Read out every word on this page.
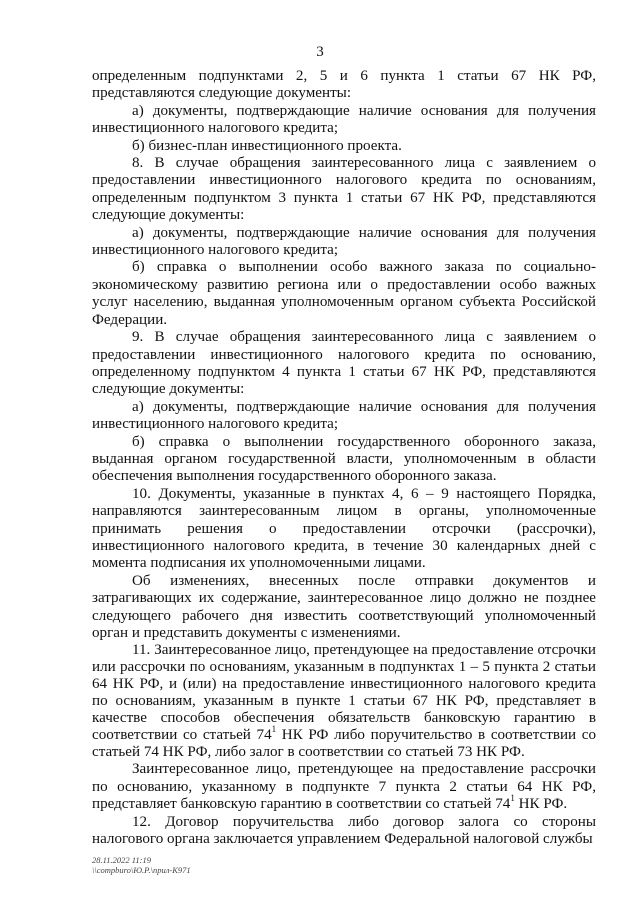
3

определенным подпунктами 2, 5 и 6 пункта 1 статьи 67 НК РФ, представляются следующие документы:

а) документы, подтверждающие наличие основания для получения инвестиционного налогового кредита;

б) бизнес-план инвестиционного проекта.

8. В случае обращения заинтересованного лица с заявлением о предоставлении инвестиционного налогового кредита по основаниям, определенным подпунктом 3 пункта 1 статьи 67 НК РФ, представляются следующие документы:

а) документы, подтверждающие наличие основания для получения инвестиционного налогового кредита;

б) справка о выполнении особо важного заказа по социально-экономическому развитию региона или о предоставлении особо важных услуг населению, выданная уполномоченным органом субъекта Российской Федерации.

9. В случае обращения заинтересованного лица с заявлением о предоставлении инвестиционного налогового кредита по основанию, определенному подпунктом 4 пункта 1 статьи 67 НК РФ, представляются следующие документы:

а) документы, подтверждающие наличие основания для получения инвестиционного налогового кредита;

б) справка о выполнении государственного оборонного заказа, выданная органом государственной власти, уполномоченным в области обеспечения выполнения государственного оборонного заказа.

10. Документы, указанные в пунктах 4, 6 – 9 настоящего Порядка, направляются заинтересованным лицом в органы, уполномоченные принимать решения о предоставлении отсрочки (рассрочки), инвестиционного налогового кредита, в течение 30 календарных дней с момента подписания их уполномоченными лицами.

Об изменениях, внесенных после отправки документов и затрагивающих их содержание, заинтересованное лицо должно не позднее следующего рабочего дня известить соответствующий уполномоченный орган и представить документы с изменениями.

11. Заинтересованное лицо, претендующее на предоставление отсрочки или рассрочки по основаниям, указанным в подпунктах 1 – 5 пункта 2 статьи 64 НК РФ, и (или) на предоставление инвестиционного налогового кредита по основаниям, указанным в пункте 1 статьи 67 НК РФ, представляет в качестве способов обеспечения обязательств банковскую гарантию в соответствии со статьей $74^1$ НК РФ либо поручительство в соответствии со статьей 74 НК РФ, либо залог в соответствии со статьей 73 НК РФ.

Заинтересованное лицо, претендующее на предоставление рассрочки по основанию, указанному в подпункте 7 пункта 2 статьи 64 НК РФ, представляет банковскую гарантию в соответствии со статьей $74^1$ НК РФ.

12. Договор поручительства либо договор залога со стороны налогового органа заключается управлением Федеральной налоговой службы

28.11.2022 11:19
\\compburo\Ю.Р.\прил-К971
